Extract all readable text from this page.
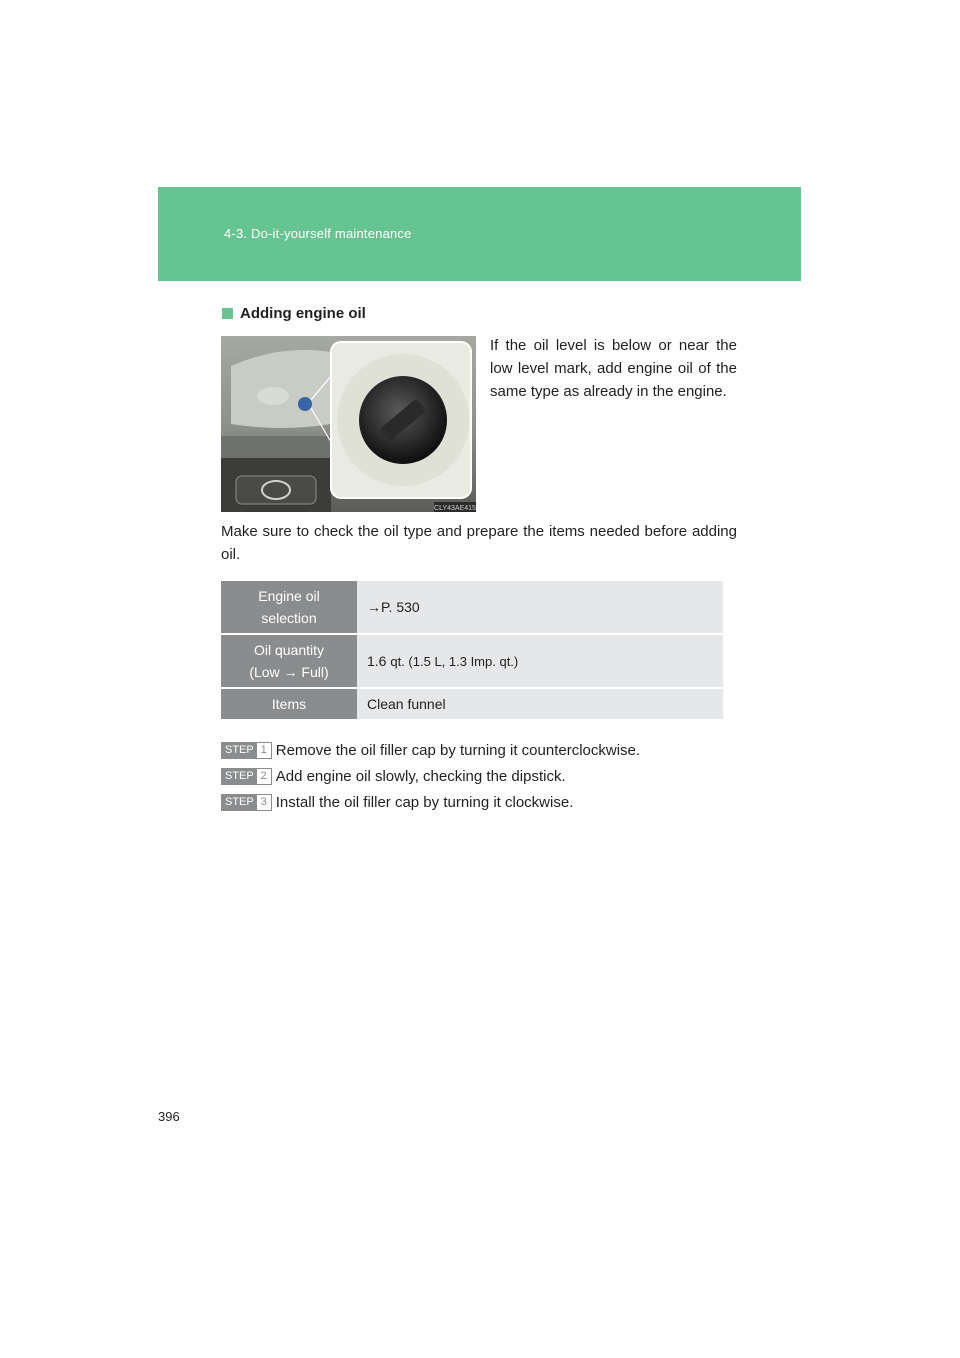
4-3. Do-it-yourself maintenance
Adding engine oil
CLY43AE415
If the oil level is below or near the low level mark, add engine oil of the same type as already in the engine.
Make sure to check the oil type and prepare the items needed before adding oil.
Engine oil
selection	→P. 530

Oil quantity
(Low → Full)	1.6 qt. (1.5 L, 1.3 Imp. qt.)

Items	Clean funnel
STEP 1 Remove the oil filler cap by turning it counterclockwise.
STEP 2 Add engine oil slowly, checking the dipstick.
STEP 3 Install the oil filler cap by turning it clockwise.
396
